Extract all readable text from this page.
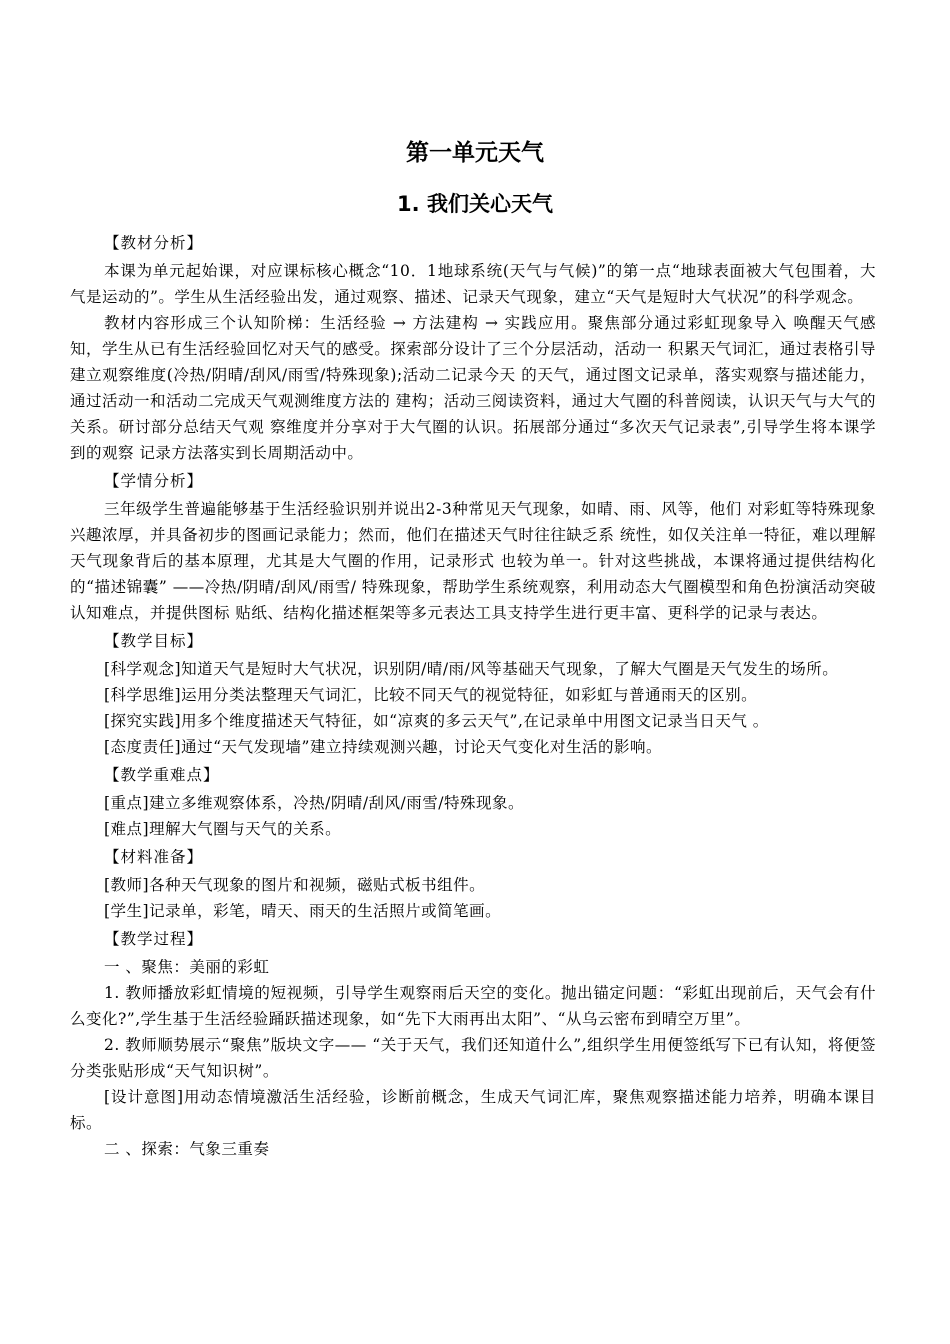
第一单元天气
1. 我们关心天气
【教材分析】

本课为单元起始课，对应课标核心概念“10．1地球系统(天气与气候)”的第一点“地球表面被大气包围着，大气是运动的”。学生从生活经验出发，通过观察、描述、记录天气现象，建立“天气是短时大气状况”的科学观念。

教材内容形成三个认知阶梯：生活经验 → 方法建构 → 实践应用。聚焦部分通过彩虹现象导入 唤醒天气感知，学生从已有生活经验回忆对天气的感受。探索部分设计了三个分层活动，活动一 积累天气词汇，通过表格引导建立观察维度(冷热/阴晴/刮风/雨雪/特殊现象);活动二记录今天 的天气，通过图文记录单，落实观察与描述能力，通过活动一和活动二完成天气观测维度方法的 建构；活动三阅读资料，通过大气圈的科普阅读，认识天气与大气的关系。研讨部分总结天气观 察维度并分享对于大气圈的认识。拓展部分通过“多次天气记录表”,引导学生将本课学到的观察 记录方法落实到长周期活动中。

【学情分析】

三年级学生普遍能够基于生活经验识别并说出2-3种常见天气现象，如晴、雨、风等，他们 对彩虹等特殊现象兴趣浓厚，并具备初步的图画记录能力；然而，他们在描述天气时往往缺乏系 统性，如仅关注单一特征，难以理解天气现象背后的基本原理，尤其是大气圈的作用，记录形式 也较为单一。针对这些挑战，本课将通过提供结构化的“描述锦囊” ——冷热/阴晴/刮风/雨雪/ 特殊现象，帮助学生系统观察，利用动态大气圈模型和角色扮演活动突破认知难点，并提供图标 贴纸、结构化描述框架等多元表达工具支持学生进行更丰富、更科学的记录与表达。

【教学目标】

[科学观念]知道天气是短时大气状况，识别阴/晴/雨/风等基础天气现象，了解大气圈是天气发生的场所。

[科学思维]运用分类法整理天气词汇，比较不同天气的视觉特征，如彩虹与普通雨天的区别。

[探究实践]用多个维度描述天气特征，如“凉爽的多云天气”,在记录单中用图文记录当日天气 。

[态度责任]通过“天气发现墙”建立持续观测兴趣，讨论天气变化对生活的影响。

【教学重难点】

[重点]建立多维观察体系，冷热/阴晴/刮风/雨雪/特殊现象。

[难点]理解大气圈与天气的关系。

【材料准备】

[教师]各种天气现象的图片和视频，磁贴式板书组件。

[学生]记录单，彩笔，晴天、雨天的生活照片或简笔画。

【教学过程】

一 、聚焦：美丽的彩虹

1. 教师播放彩虹情境的短视频，引导学生观察雨后天空的变化。抛出锚定问题：“彩虹出现前后，天气会有什么变化?”,学生基于生活经验踊跃描述现象，如“先下大雨再出太阳”、“从乌云密布到晴空万里”。

2. 教师顺势展示“聚焦”版块文字—— “关于天气，我们还知道什么”,组织学生用便签纸写下已有认知，将便签分类张贴形成“天气知识树”。

[设计意图]用动态情境激活生活经验，诊断前概念，生成天气词汇库，聚焦观察描述能力培养，明确本课目标。

二 、探索：气象三重奏
